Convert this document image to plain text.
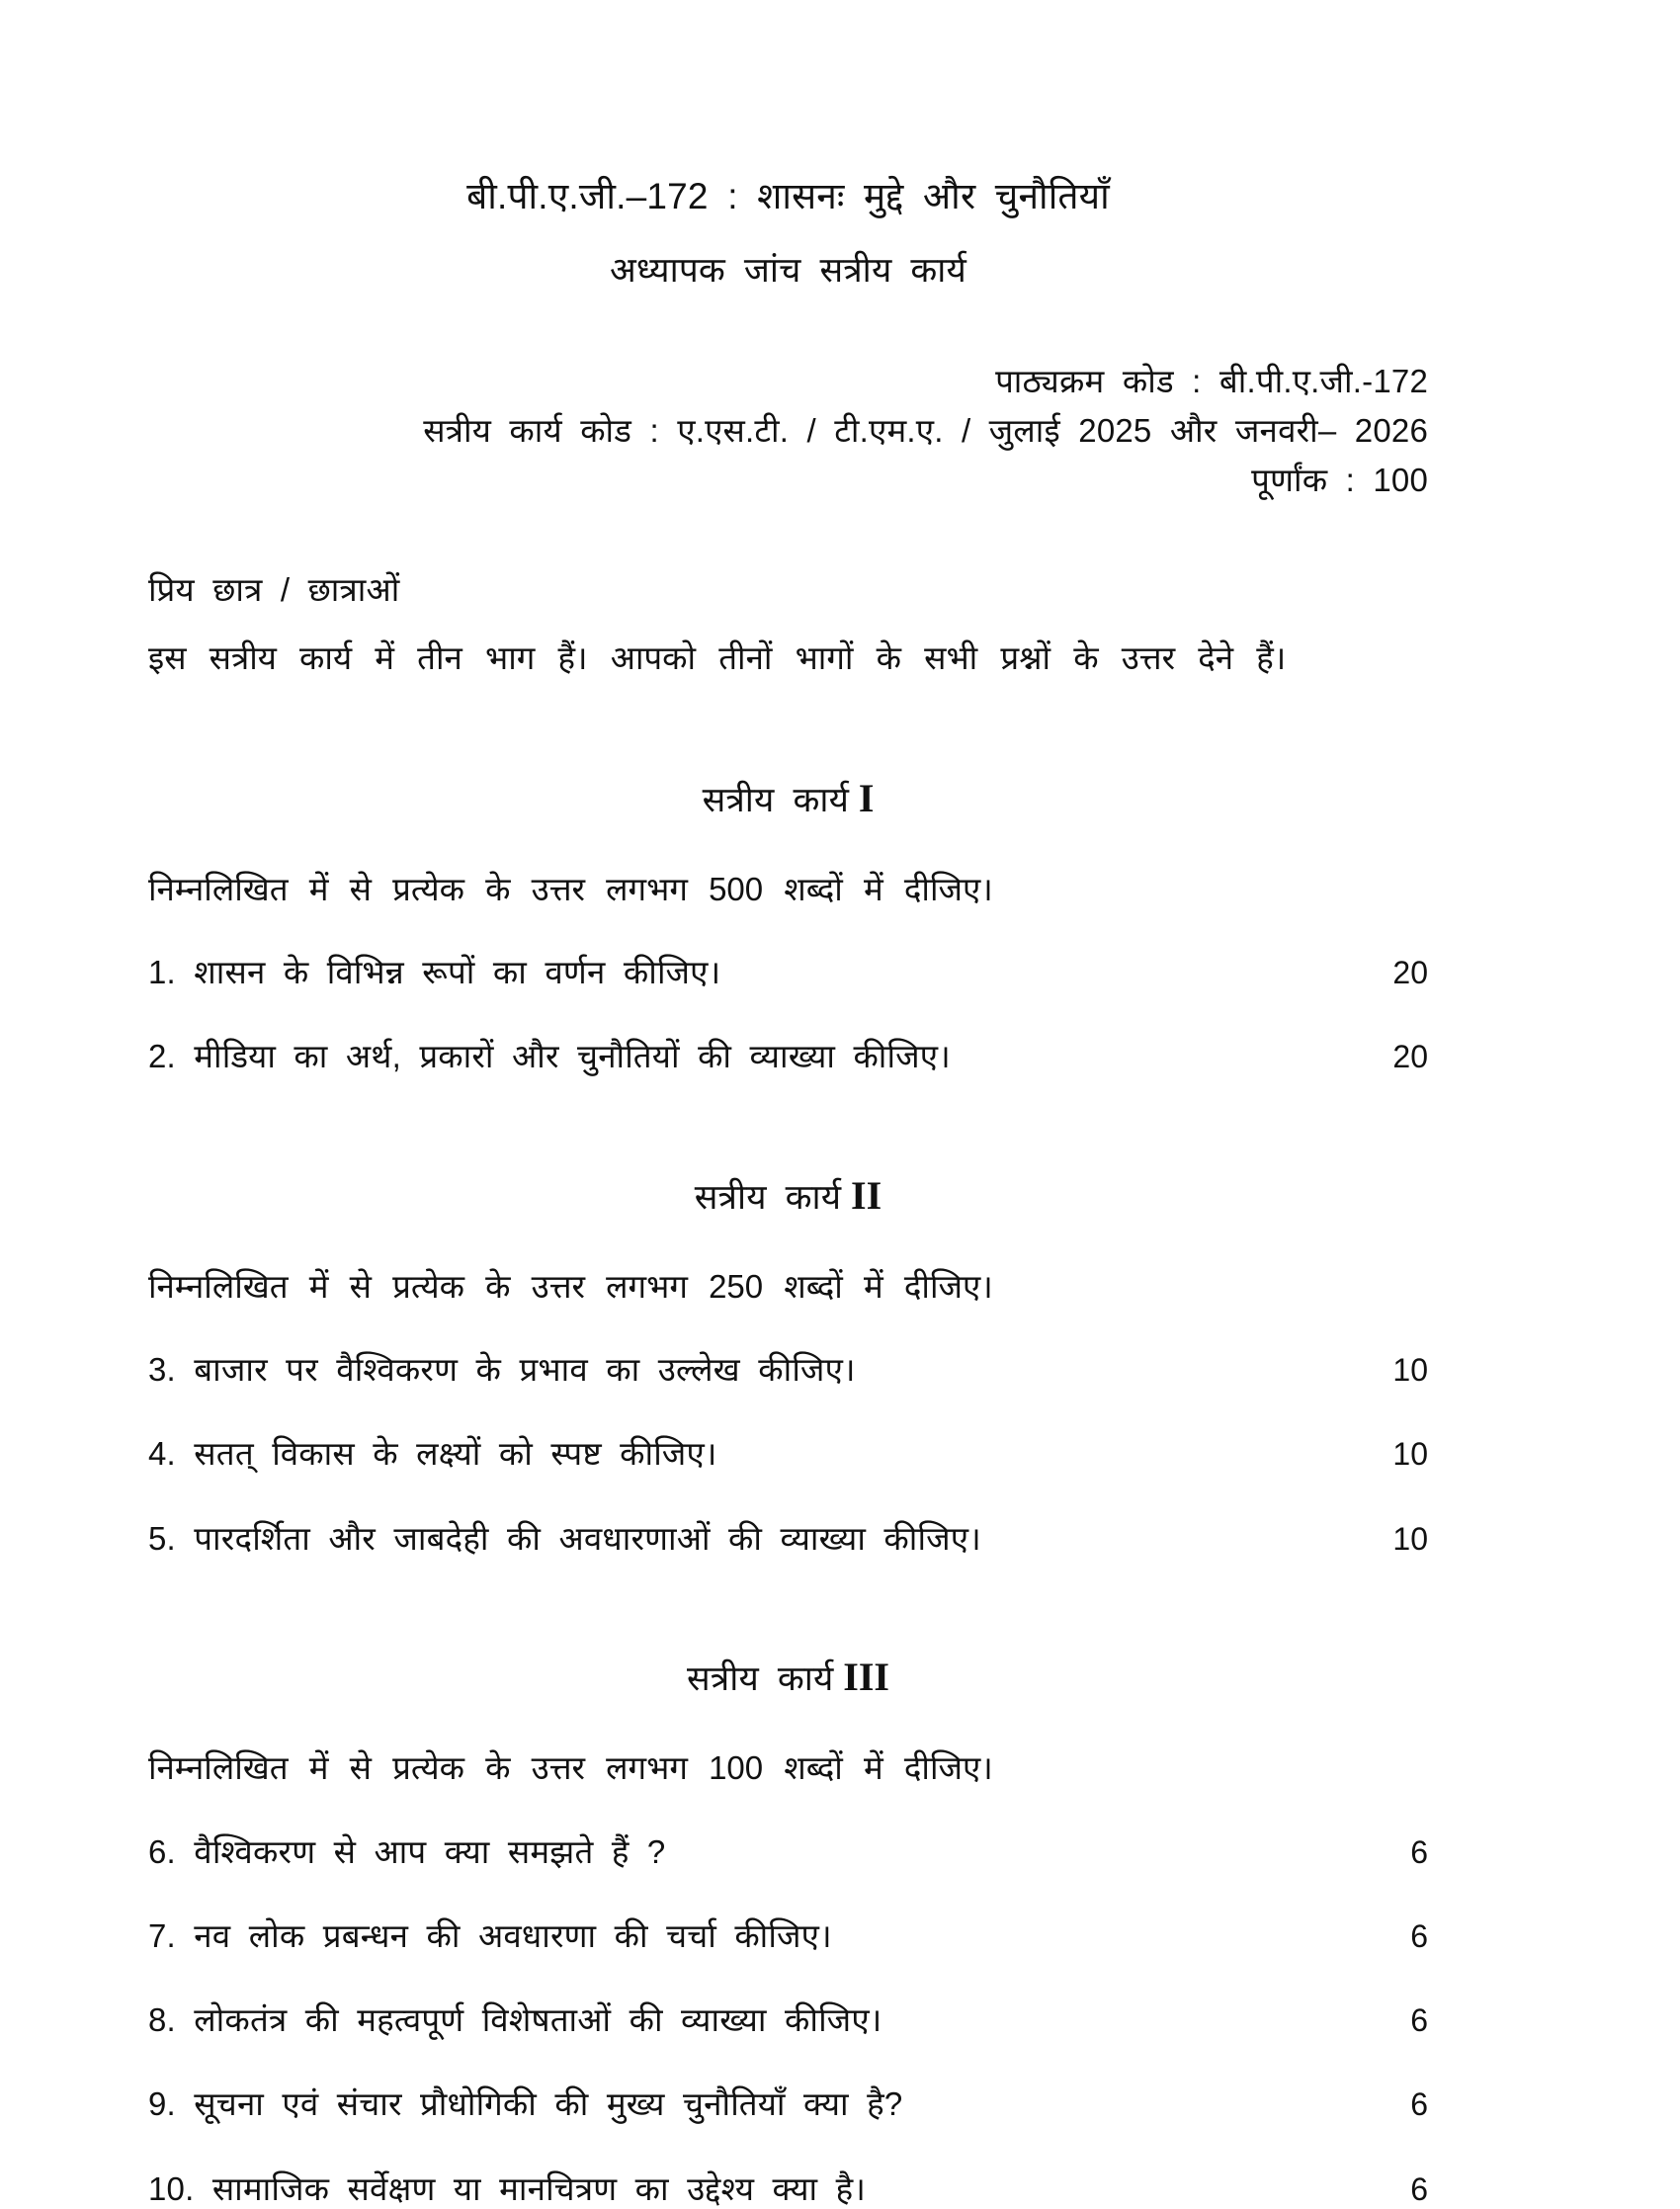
बी.पी.ए.जी.–172 : शासनः मुद्दे और चुनौतियाँ
अध्यापक जांच सत्रीय कार्य
पाठ्यक्रम कोड : बी.पी.ए.जी.-172
सत्रीय कार्य कोड : ए.एस.टी. / टी.एम.ए. / जुलाई 2025 और जनवरी– 2026
पूर्णांक : 100
प्रिय छात्र / छात्राओं
इस सत्रीय कार्य में तीन भाग हैं। आपको तीनों भागों के सभी प्रश्नों के उत्तर देने हैं।
सत्रीय कार्य I
निम्नलिखित में से प्रत्येक के उत्तर लगभग 500 शब्दों में दीजिए।
1. शासन के विभिन्न रूपों का वर्णन कीजिए।	20
2. मीडिया का अर्थ, प्रकारों और चुनौतियों की व्याख्या कीजिए।	20
सत्रीय कार्य II
निम्नलिखित में से प्रत्येक के उत्तर लगभग 250 शब्दों में दीजिए।
3. बाजार पर वैश्विकरण के प्रभाव का उल्लेख कीजिए।	10
4. सतत् विकास के लक्ष्यों को स्पष्ट कीजिए।	10
5. पारदर्शिता और जाबदेही की अवधारणाओं की व्याख्या कीजिए।	10
सत्रीय कार्य III
निम्नलिखित में से प्रत्येक के उत्तर लगभग 100 शब्दों में दीजिए।
6. वैश्विकरण से आप क्या समझते हैं ?	6
7. नव लोक प्रबन्धन की अवधारणा की चर्चा कीजिए।	6
8. लोकतंत्र की महत्वपूर्ण विशेषताओं की व्याख्या कीजिए।	6
9. सूचना एवं संचार प्रौधोगिकी की मुख्य चुनौतियाँ क्या है?	6
10. सामाजिक सर्वेक्षण या मानचित्रण का उद्देश्य क्या है।	6
